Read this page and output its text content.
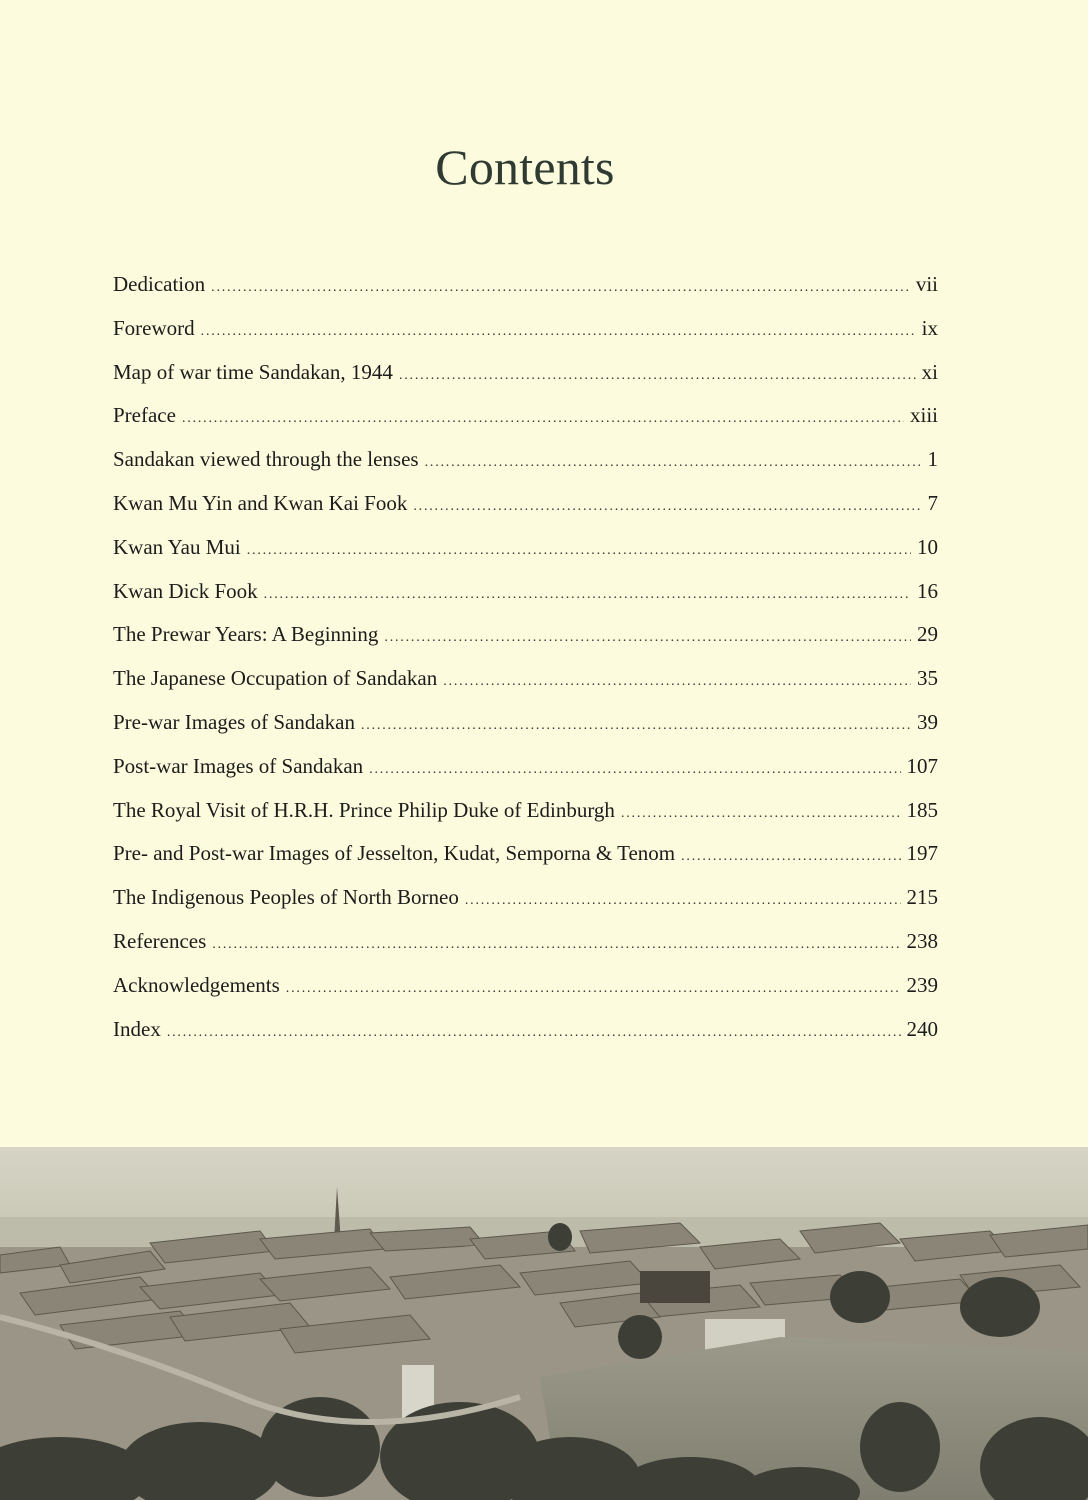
Contents
Dedication .....	vii
Foreword .....	ix
Map of war time Sandakan, 1944 .....	xi
Preface .....	xiii
Sandakan viewed through the lenses .....	1
Kwan Mu Yin and Kwan Kai Fook .....	7
Kwan Yau Mui .....	10
Kwan Dick Fook .....	16
The Prewar Years: A Beginning .....	29
The Japanese Occupation of Sandakan .....	35
Pre-war Images of Sandakan .....	39
Post-war Images of Sandakan .....	107
The Royal Visit of H.R.H. Prince Philip Duke of Edinburgh .....	185
Pre- and Post-war Images of Jesselton, Kudat, Semporna & Tenom .....	197
The Indigenous Peoples of North Borneo .....	215
References .....	238
Acknowledgements .....	239
Index .....	240
